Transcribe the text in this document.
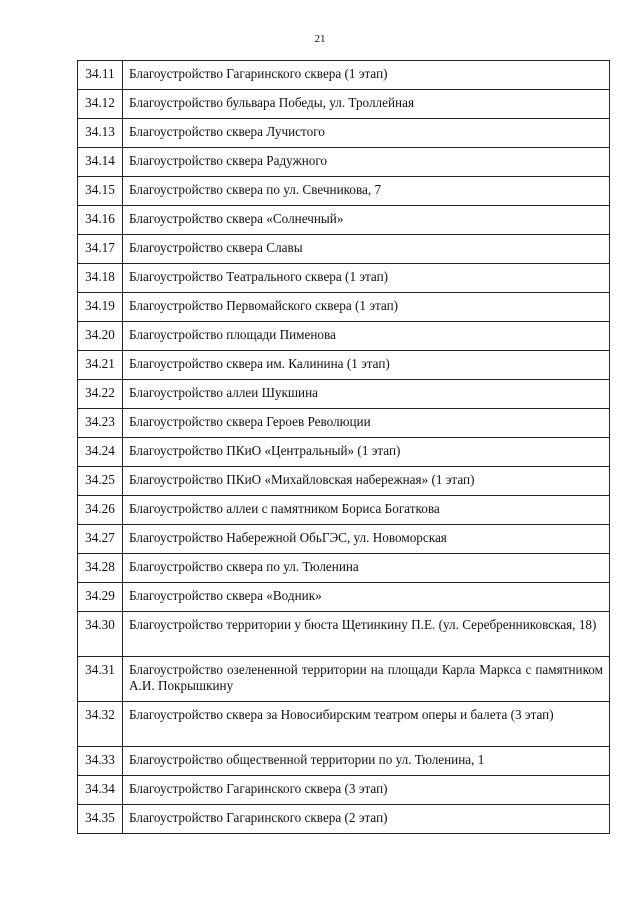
21
34.11	Благоустройство Гагаринского сквера (1 этап)
34.12	Благоустройство бульвара Победы, ул. Троллейная
34.13	Благоустройство сквера Лучистого
34.14	Благоустройство сквера Радужного
34.15	Благоустройство сквера по ул. Свечникова, 7
34.16	Благоустройство сквера «Солнечный»
34.17	Благоустройство сквера Славы
34.18	Благоустройство Театрального сквера (1 этап)
34.19	Благоустройство Первомайского сквера (1 этап)
34.20	Благоустройство площади Пименова
34.21	Благоустройство сквера им. Калинина (1 этап)
34.22	Благоустройство аллеи Шукшина
34.23	Благоустройство сквера Героев Революции
34.24	Благоустройство ПКиО «Центральный» (1 этап)
34.25	Благоустройство ПКиО «Михайловская набережная» (1 этап)
34.26	Благоустройство аллеи с памятником Бориса Богаткова
34.27	Благоустройство Набережной ОбьГЭС, ул. Новоморская
34.28	Благоустройство сквера по ул. Тюленина
34.29	Благоустройство сквера «Водник»
34.30	Благоустройство территории у бюста Щетинкину П.Е. (ул. Серебренниковская, 18)
34.31	Благоустройство озелененной территории на площади Карла Маркса с памятником А.И. Покрышкину
34.32	Благоустройство сквера за Новосибирским театром оперы и балета (3 этап)
34.33	Благоустройство общественной территории по ул. Тюленина, 1
34.34	Благоустройство Гагаринского сквера (3 этап)
34.35	Благоустройство Гагаринского сквера (2 этап)
